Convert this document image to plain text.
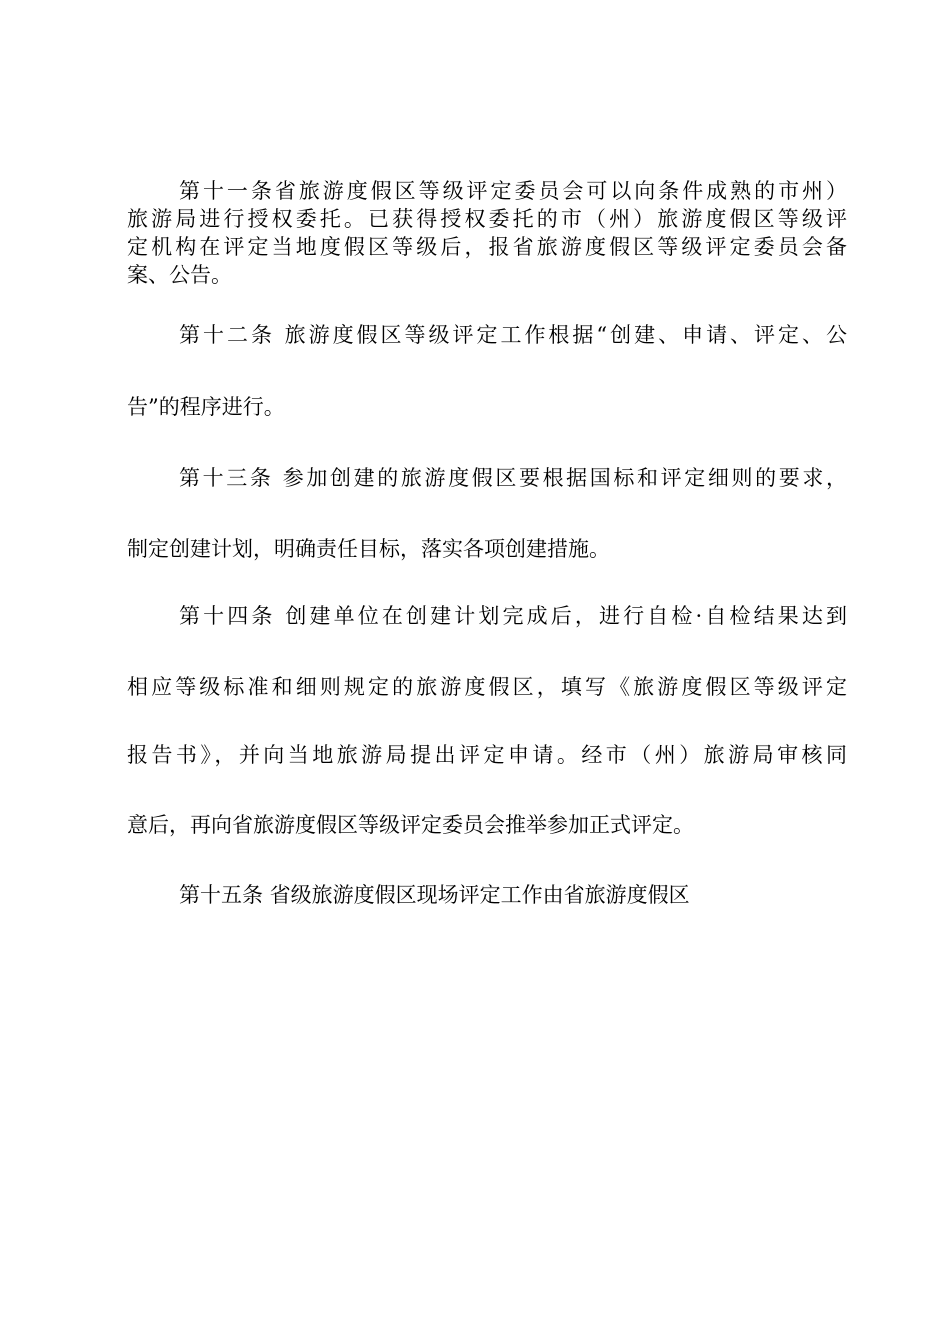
第十一条省旅游度假区等级评定委员会可以向条件成熟的市州）
旅游局进行授权委托。已获得授权委托的市（州）旅游度假区等级评
定机构在评定当地度假区等级后，报省旅游度假区等级评定委员会备
案、公告。
第十二条 旅游度假区等级评定工作根据“创建、申请、评定、公
告”的程序进行。
第十三条 参加创建的旅游度假区要根据国标和评定细则的要求，
制定创建计划，明确责任目标，落实各项创建措施。
第十四条 创建单位在创建计划完成后，进行自检·自检结果达到
相应等级标准和细则规定的旅游度假区，填写《旅游度假区等级评定
报告书》，并向当地旅游局提出评定申请。经市（州）旅游局审核同
意后，再向省旅游度假区等级评定委员会推举参加正式评定。
第十五条 省级旅游度假区现场评定工作由省旅游度假区
